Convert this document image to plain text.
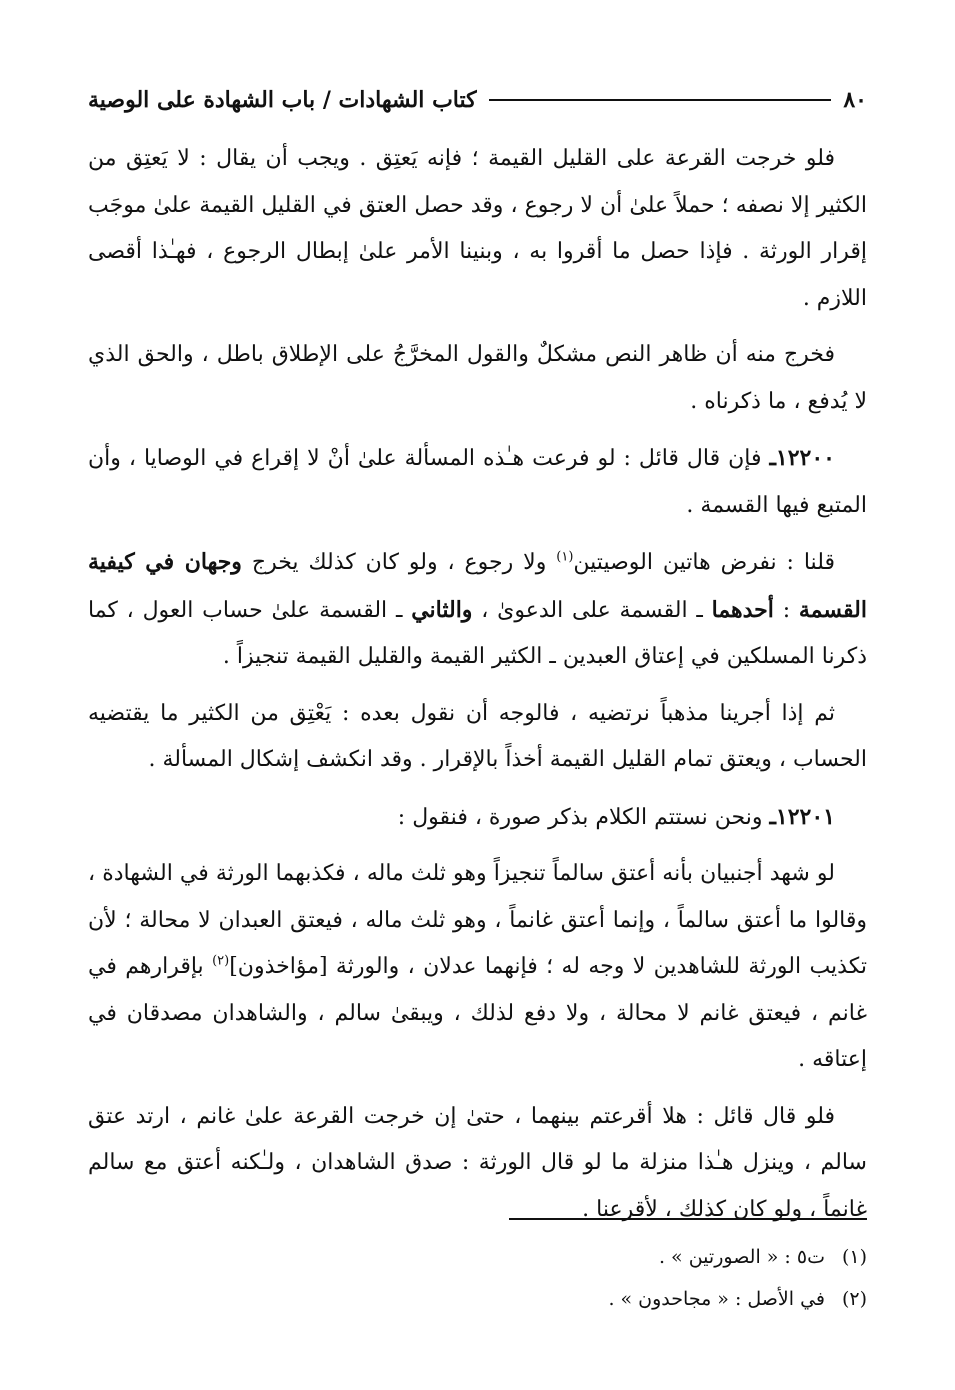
٨٠
كتاب الشهادات / باب الشهادة على الوصية

فلو خرجت القرعة على القليل القيمة ؛ فإنه يَعتِق . ويجب أن يقال : لا يَعتِق من الكثير إلا نصفه ؛ حملاً علىٰ أن لا رجوع ، وقد حصل العتق في القليل القيمة علىٰ موجَب إقرار الورثة . فإذا حصل ما أقروا به ، وبنينا الأمر علىٰ إبطال الرجوع ، فهـٰذا أقصى اللازم .

فخرج منه أن ظاهر النص مشكلٌ والقول المخرَّجُ على الإطلاق باطل ، والحق الذي لا يُدفع ، ما ذكرناه .

١٢٢٠٠ـ فإن قال قائل : لو فرعت هـٰذه المسألة علىٰ أنْ لا إقراع في الوصايا ، وأن المتبع فيها القسمة .

قلنا : نفرض هاتين الوصيتين$^{(١)}$ ولا رجوع ، ولو كان كذلك يخرج وجهان في كيفية القسمة : أحدهما ـ القسمة على الدعوىٰ ، والثاني ـ القسمة علىٰ حساب العول ، كما ذكرنا المسلكين في إعتاق العبدين ـ الكثير القيمة والقليل القيمة تنجيزاً .

ثم إذا أجرينا مذهباً نرتضيه ، فالوجه أن نقول بعده : يَعْتِق من الكثير ما يقتضيه الحساب ، ويعتق تمام القليل القيمة أخذاً بالإقرار . وقد انكشف إشكال المسألة .

١٢٢٠١ـ ونحن نستتم الكلام بذكر صورة ، فنقول :

لو شهد أجنبيان بأنه أعتق سالماً تنجيزاً وهو ثلث ماله ، فكذبهما الورثة في الشهادة ، وقالوا ما أعتق سالماً ، وإنما أعتق غانماً ، وهو ثلث ماله ، فيعتق العبدان لا محالة ؛ لأن تكذيب الورثة للشاهدين لا وجه له ؛ فإنهما عدلان ، والورثة [مؤاخذون]$^{(٢)}$ بإقرارهم في غانم ، فيعتق غانم لا محالة ، ولا دفع لذلك ، ويبقىٰ سالم ، والشاهدان مصدقان في إعتاقه .

فلو قال قائل : هلا أقرعتم بينهما ، حتىٰ إن خرجت القرعة علىٰ غانم ، ارتد عتق سالم ، وينزل هـٰذا منزلة ما لو قال الورثة : صدق الشاهدان ، ولـٰكنه أعتق مع سالم غانماً ، ولو كان كذلك ، لأقرعنا .

(١)
ت٥ : « الصورتين » .
(٢)
في الأصل : « مجاحدون » .
